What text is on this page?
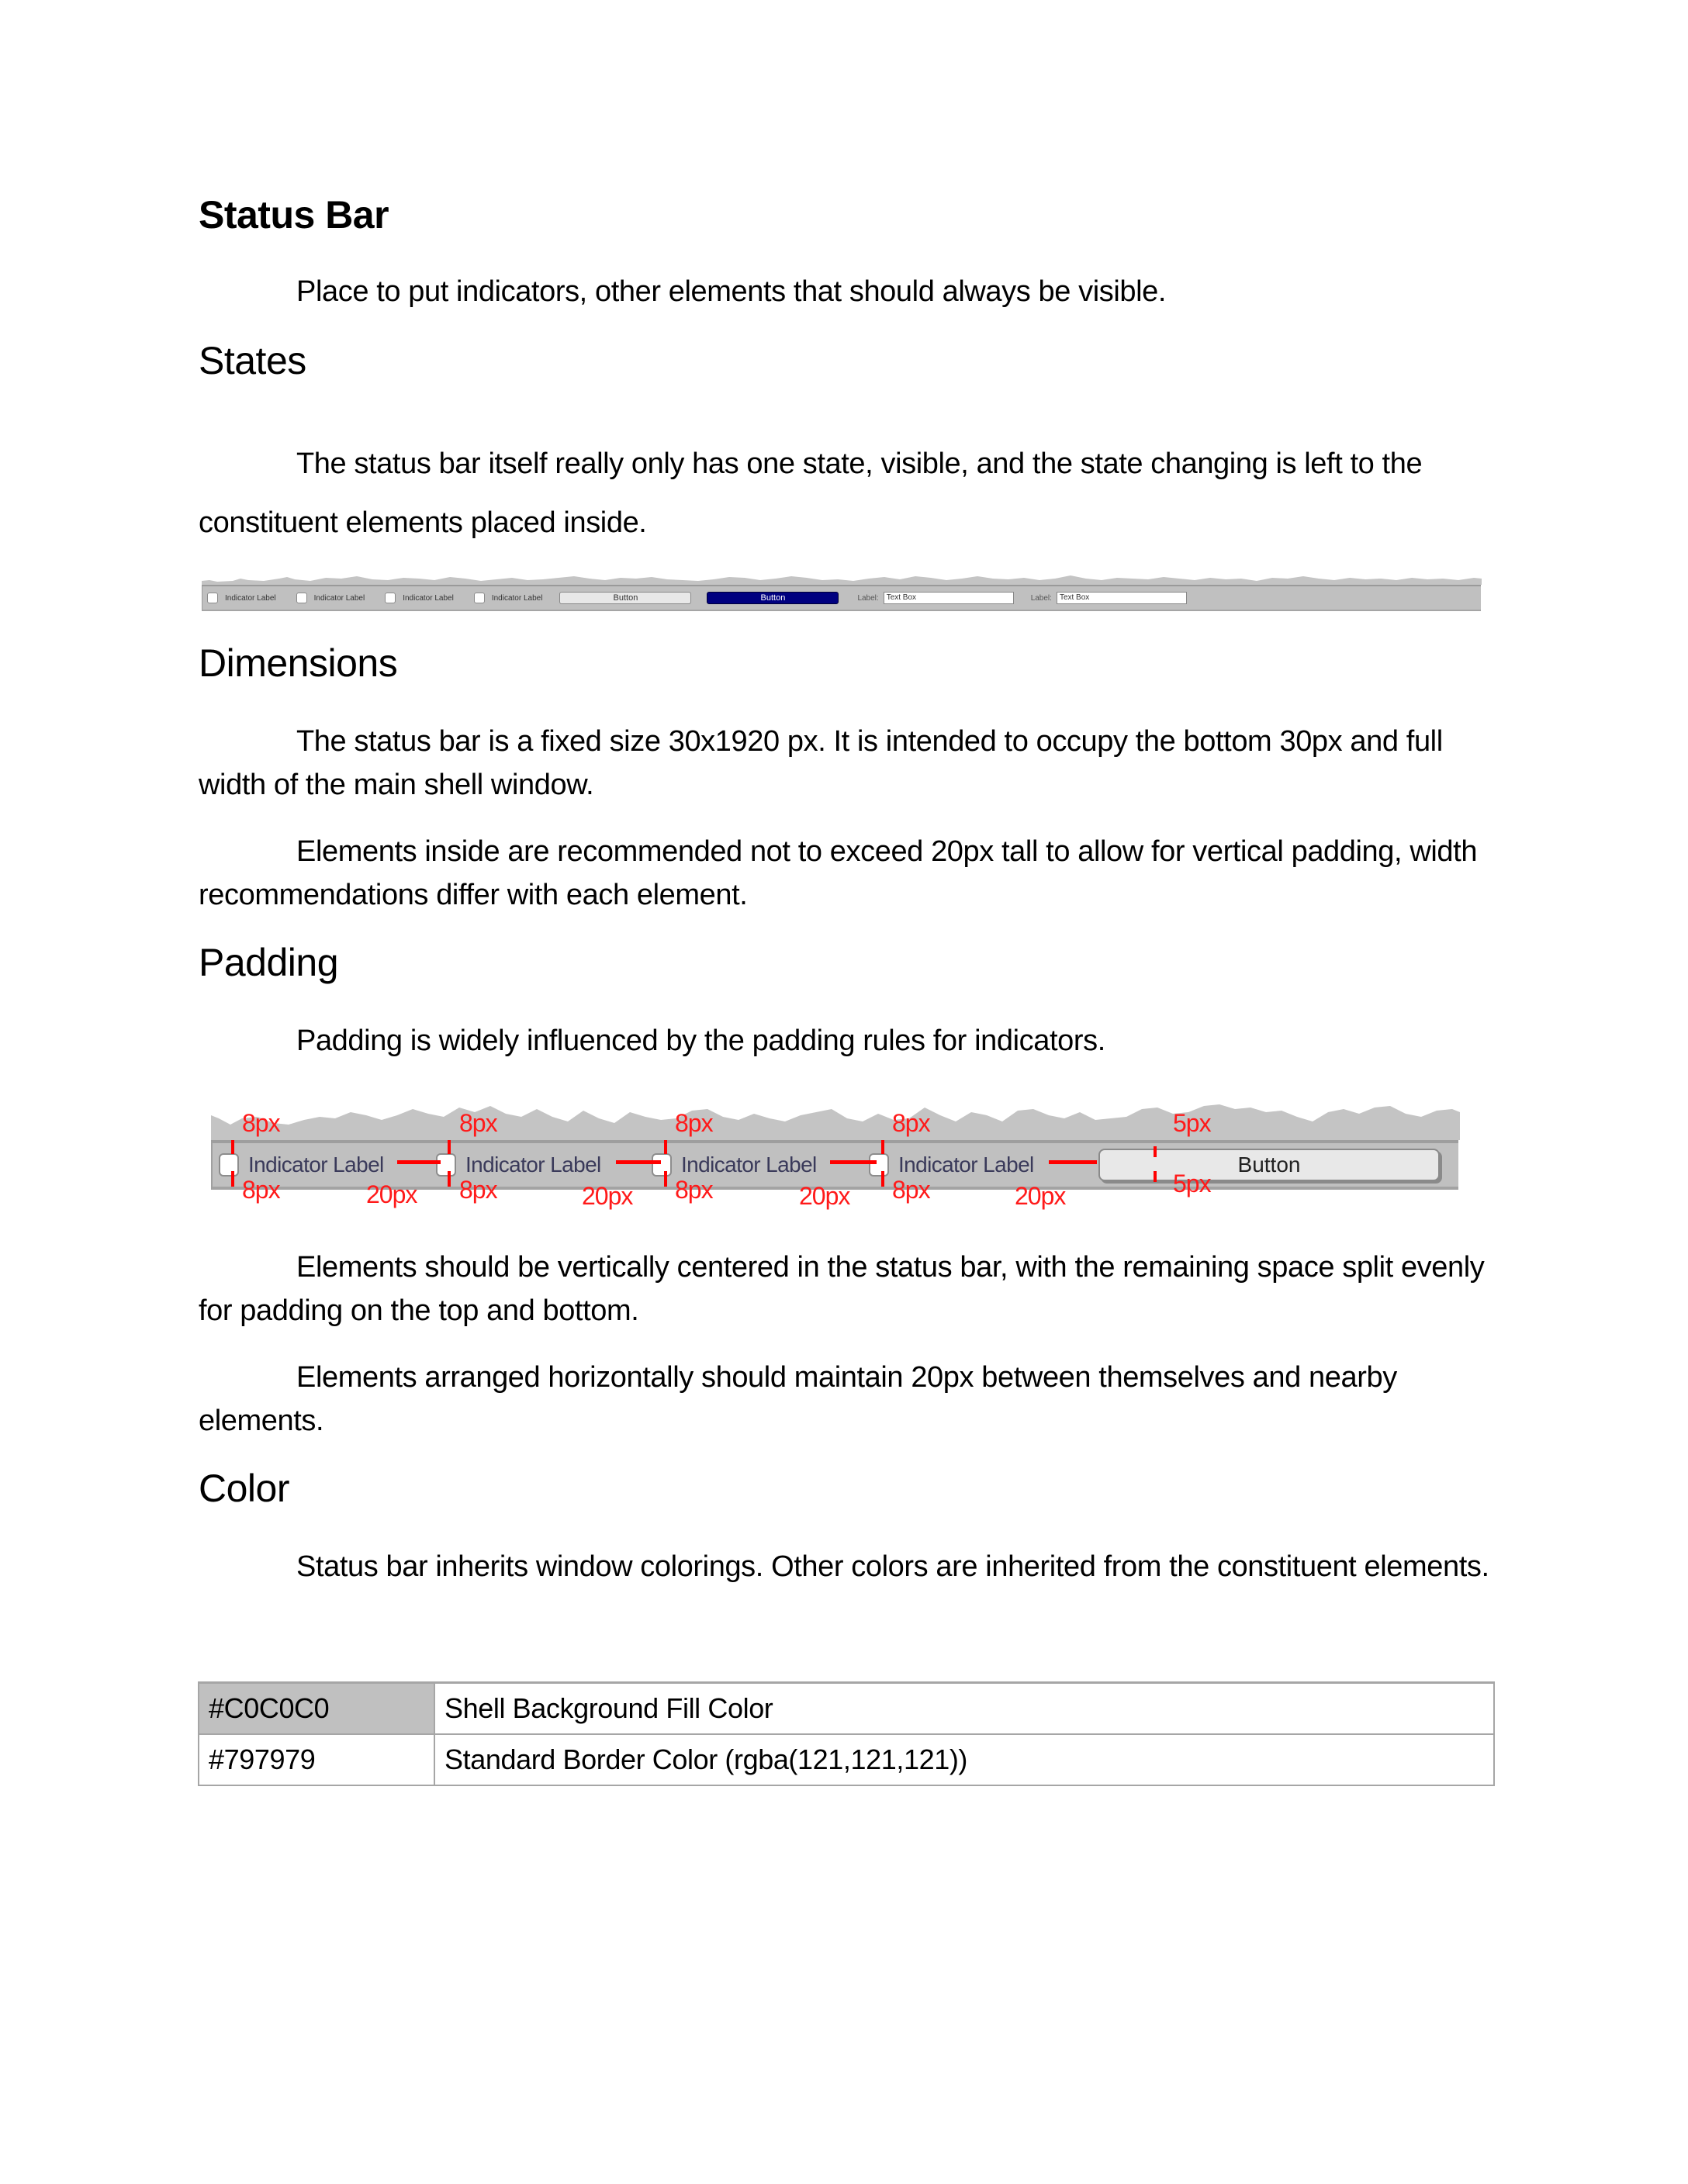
Status Bar
Place to put indicators, other elements that should always be visible.
States
The status bar itself really only has one state, visible, and the state changing is left to the constituent elements placed inside.
Indicator Label	Indicator Label	Indicator Label	Indicator Label	Button	Button	Label:	Text Box	Label:	Text Box
Dimensions
The status bar is a fixed size 30x1920 px. It is intended to occupy the bottom 30px and full width of the main shell window.
Elements inside are recommended not to exceed 20px tall to allow for vertical padding, width recommendations differ with each element.
Padding
Padding is widely influenced by the padding rules for indicators.
Indicator Label	Indicator Label	Indicator Label	Indicator Label	Button
8px
8px	20px
8px
8px	20px
8px
8px	20px
8px
8px	20px
5px
5px
Elements should be vertically centered in the status bar, with the remaining space split evenly for padding on the top and bottom.
Elements arranged horizontally should maintain 20px between themselves and nearby elements.
Color
Status bar inherits window colorings. Other colors are inherited from the constituent elements.
#C0C0C0	Shell Background Fill Color
#797979	Standard Border Color (rgba(121,121,121))
